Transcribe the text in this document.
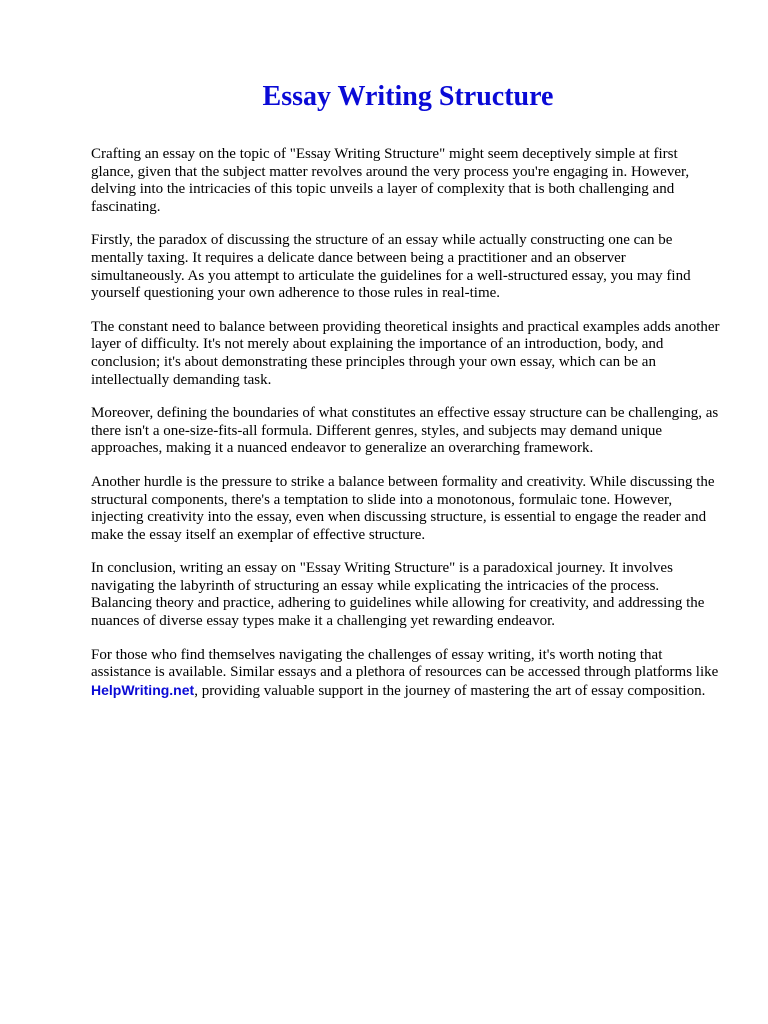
Essay Writing Structure

Crafting an essay on the topic of "Essay Writing Structure" might seem deceptively simple at first glance, given that the subject matter revolves around the very process you're engaging in. However, delving into the intricacies of this topic unveils a layer of complexity that is both challenging and fascinating.

Firstly, the paradox of discussing the structure of an essay while actually constructing one can be mentally taxing. It requires a delicate dance between being a practitioner and an observer simultaneously. As you attempt to articulate the guidelines for a well-structured essay, you may find yourself questioning your own adherence to those rules in real-time.

The constant need to balance between providing theoretical insights and practical examples adds another layer of difficulty. It's not merely about explaining the importance of an introduction, body, and conclusion; it's about demonstrating these principles through your own essay, which can be an intellectually demanding task.

Moreover, defining the boundaries of what constitutes an effective essay structure can be challenging, as there isn't a one-size-fits-all formula. Different genres, styles, and subjects may demand unique approaches, making it a nuanced endeavor to generalize an overarching framework.

Another hurdle is the pressure to strike a balance between formality and creativity. While discussing the structural components, there's a temptation to slide into a monotonous, formulaic tone. However, injecting creativity into the essay, even when discussing structure, is essential to engage the reader and make the essay itself an exemplar of effective structure.

In conclusion, writing an essay on "Essay Writing Structure" is a paradoxical journey. It involves navigating the labyrinth of structuring an essay while explicating the intricacies of the process. Balancing theory and practice, adhering to guidelines while allowing for creativity, and addressing the nuances of diverse essay types make it a challenging yet rewarding endeavor.

For those who find themselves navigating the challenges of essay writing, it's worth noting that assistance is available. Similar essays and a plethora of resources can be accessed through platforms like HelpWriting.net, providing valuable support in the journey of mastering the art of essay composition.
